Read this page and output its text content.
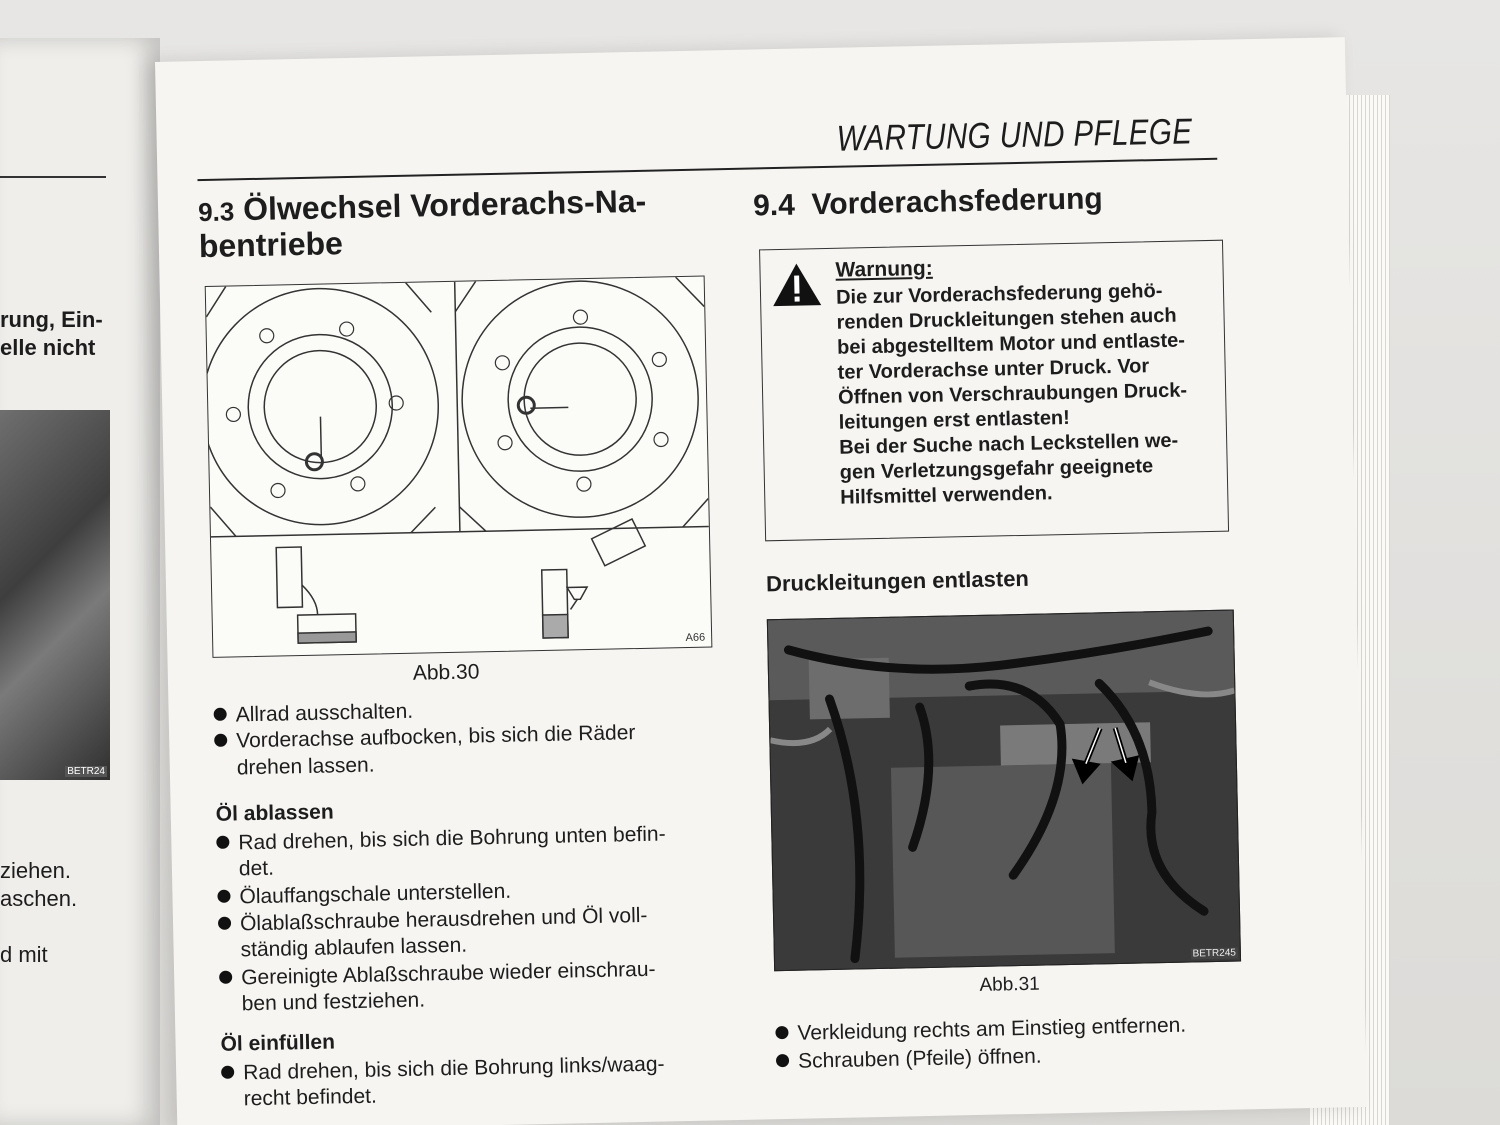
rung, Ein-
elle nicht
BETR24
ziehen.
aschen.
d mit
WARTUNG UND PFLEGE
9.3 Ölwechsel Vorderachs-Na-
bentriebe
A66
Abb.30
Allrad ausschalten.
Vorderachse aufbocken, bis sich die Räder
drehen lassen.
Öl ablassen
Rad drehen, bis sich die Bohrung unten befin-
det.
Ölauffangschale unterstellen.
Ölablaßschraube herausdrehen und Öl voll-
ständig ablaufen lassen.
Gereinigte Ablaßschraube wieder einschrau-
ben und festziehen.
Öl einfüllen
Rad drehen, bis sich die Bohrung links/waag-
recht befindet.
9.4 Vorderachsfederung
Warnung:
Die zur Vorderachsfederung gehö-
renden Druckleitungen stehen auch
bei abgestelltem Motor und entlaste-
ter Vorderachse unter Druck. Vor
Öffnen von Verschraubungen Druck-
leitungen erst entlasten!
Bei der Suche nach Leckstellen we-
gen Verletzungsgefahr geeignete
Hilfsmittel verwenden.
Druckleitungen entlasten
BETR245
Abb.31
Verkleidung rechts am Einstieg entfernen.
Schrauben (Pfeile) öffnen.
